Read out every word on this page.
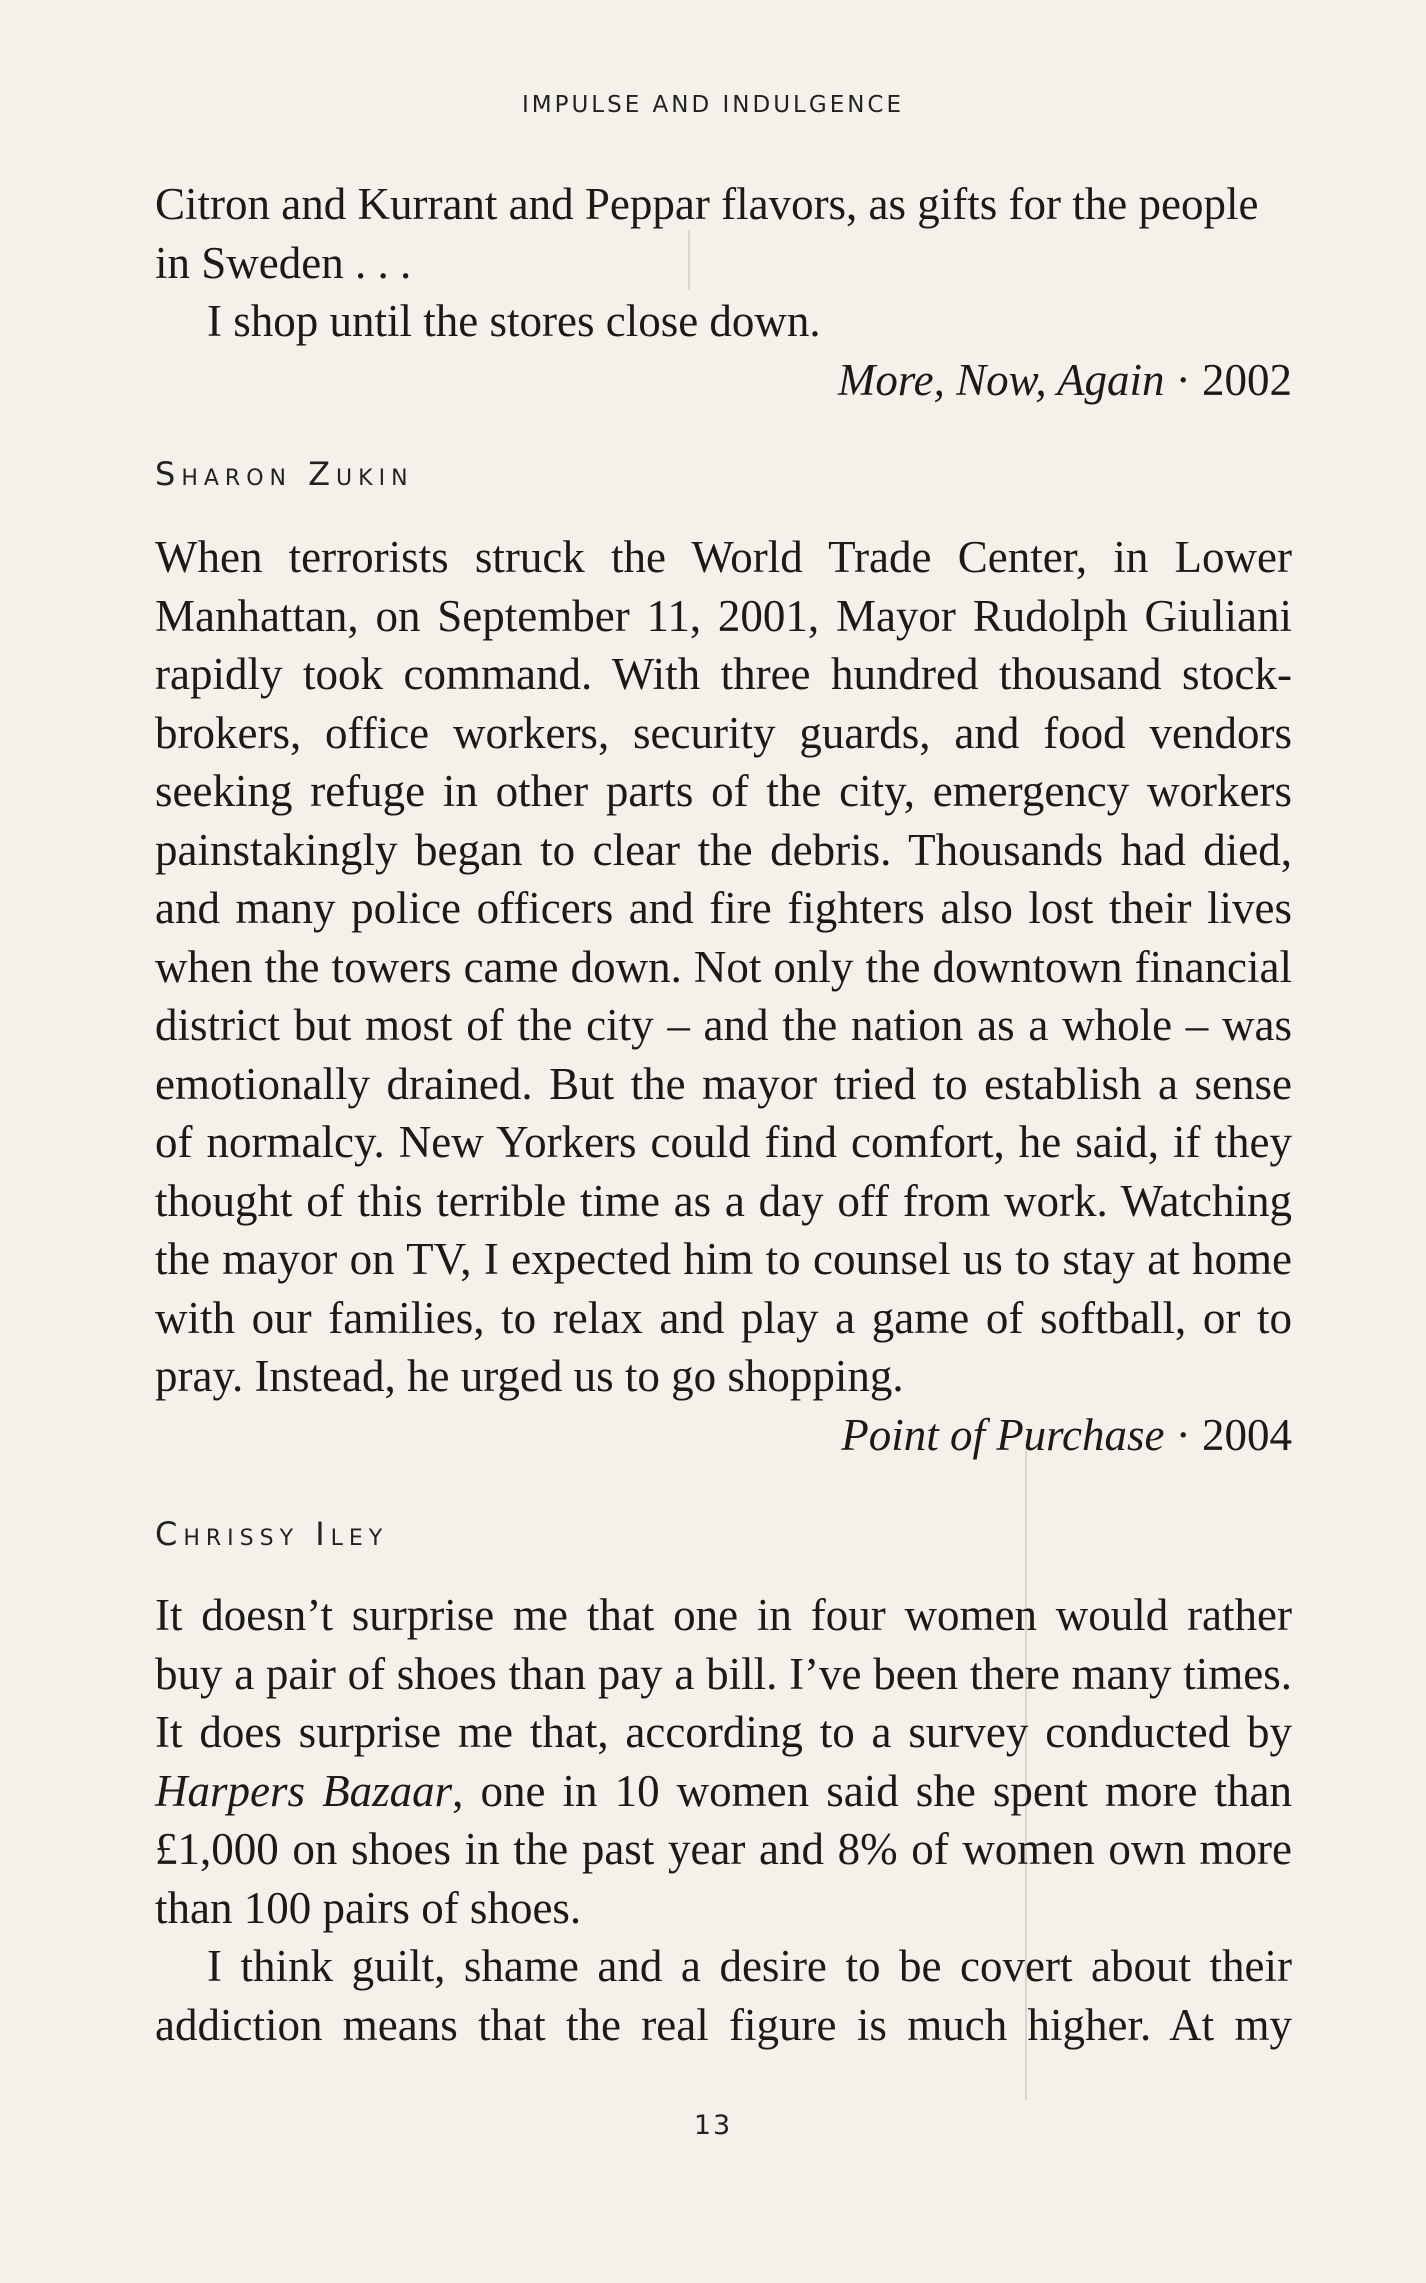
IMPULSE AND INDULGENCE

Citron and Kurrant and Peppar flavors, as gifts for the people in Sweden . . .

I shop until the stores close down.

More, Now, Again · 2002
Sharon Zukin

When terrorists struck the World Trade Center, in Lower Manhattan, on September 11, 2001, Mayor Rudolph Giuliani rapidly took command. With three hundred thousand stock-brokers, office workers, security guards, and food vendors seeking refuge in other parts of the city, emergency workers painstakingly began to clear the debris. Thousands had died, and many police officers and fire fighters also lost their lives when the towers came down. Not only the downtown financial district but most of the city – and the nation as a whole – was emotionally drained. But the mayor tried to establish a sense of normalcy. New Yorkers could find comfort, he said, if they thought of this terrible time as a day off from work. Watching the mayor on TV, I expected him to counsel us to stay at home with our families, to relax and play a game of softball, or to pray. Instead, he urged us to go shopping.

Point of Purchase · 2004
Chrissy Iley

It doesn’t surprise me that one in four women would rather buy a pair of shoes than pay a bill. I’ve been there many times. It does surprise me that, according to a survey conducted by Harpers Bazaar, one in 10 women said she spent more than £1,000 on shoes in the past year and 8% of women own more than 100 pairs of shoes.

I think guilt, shame and a desire to be covert about their addiction means that the real figure is much higher. At my

13
